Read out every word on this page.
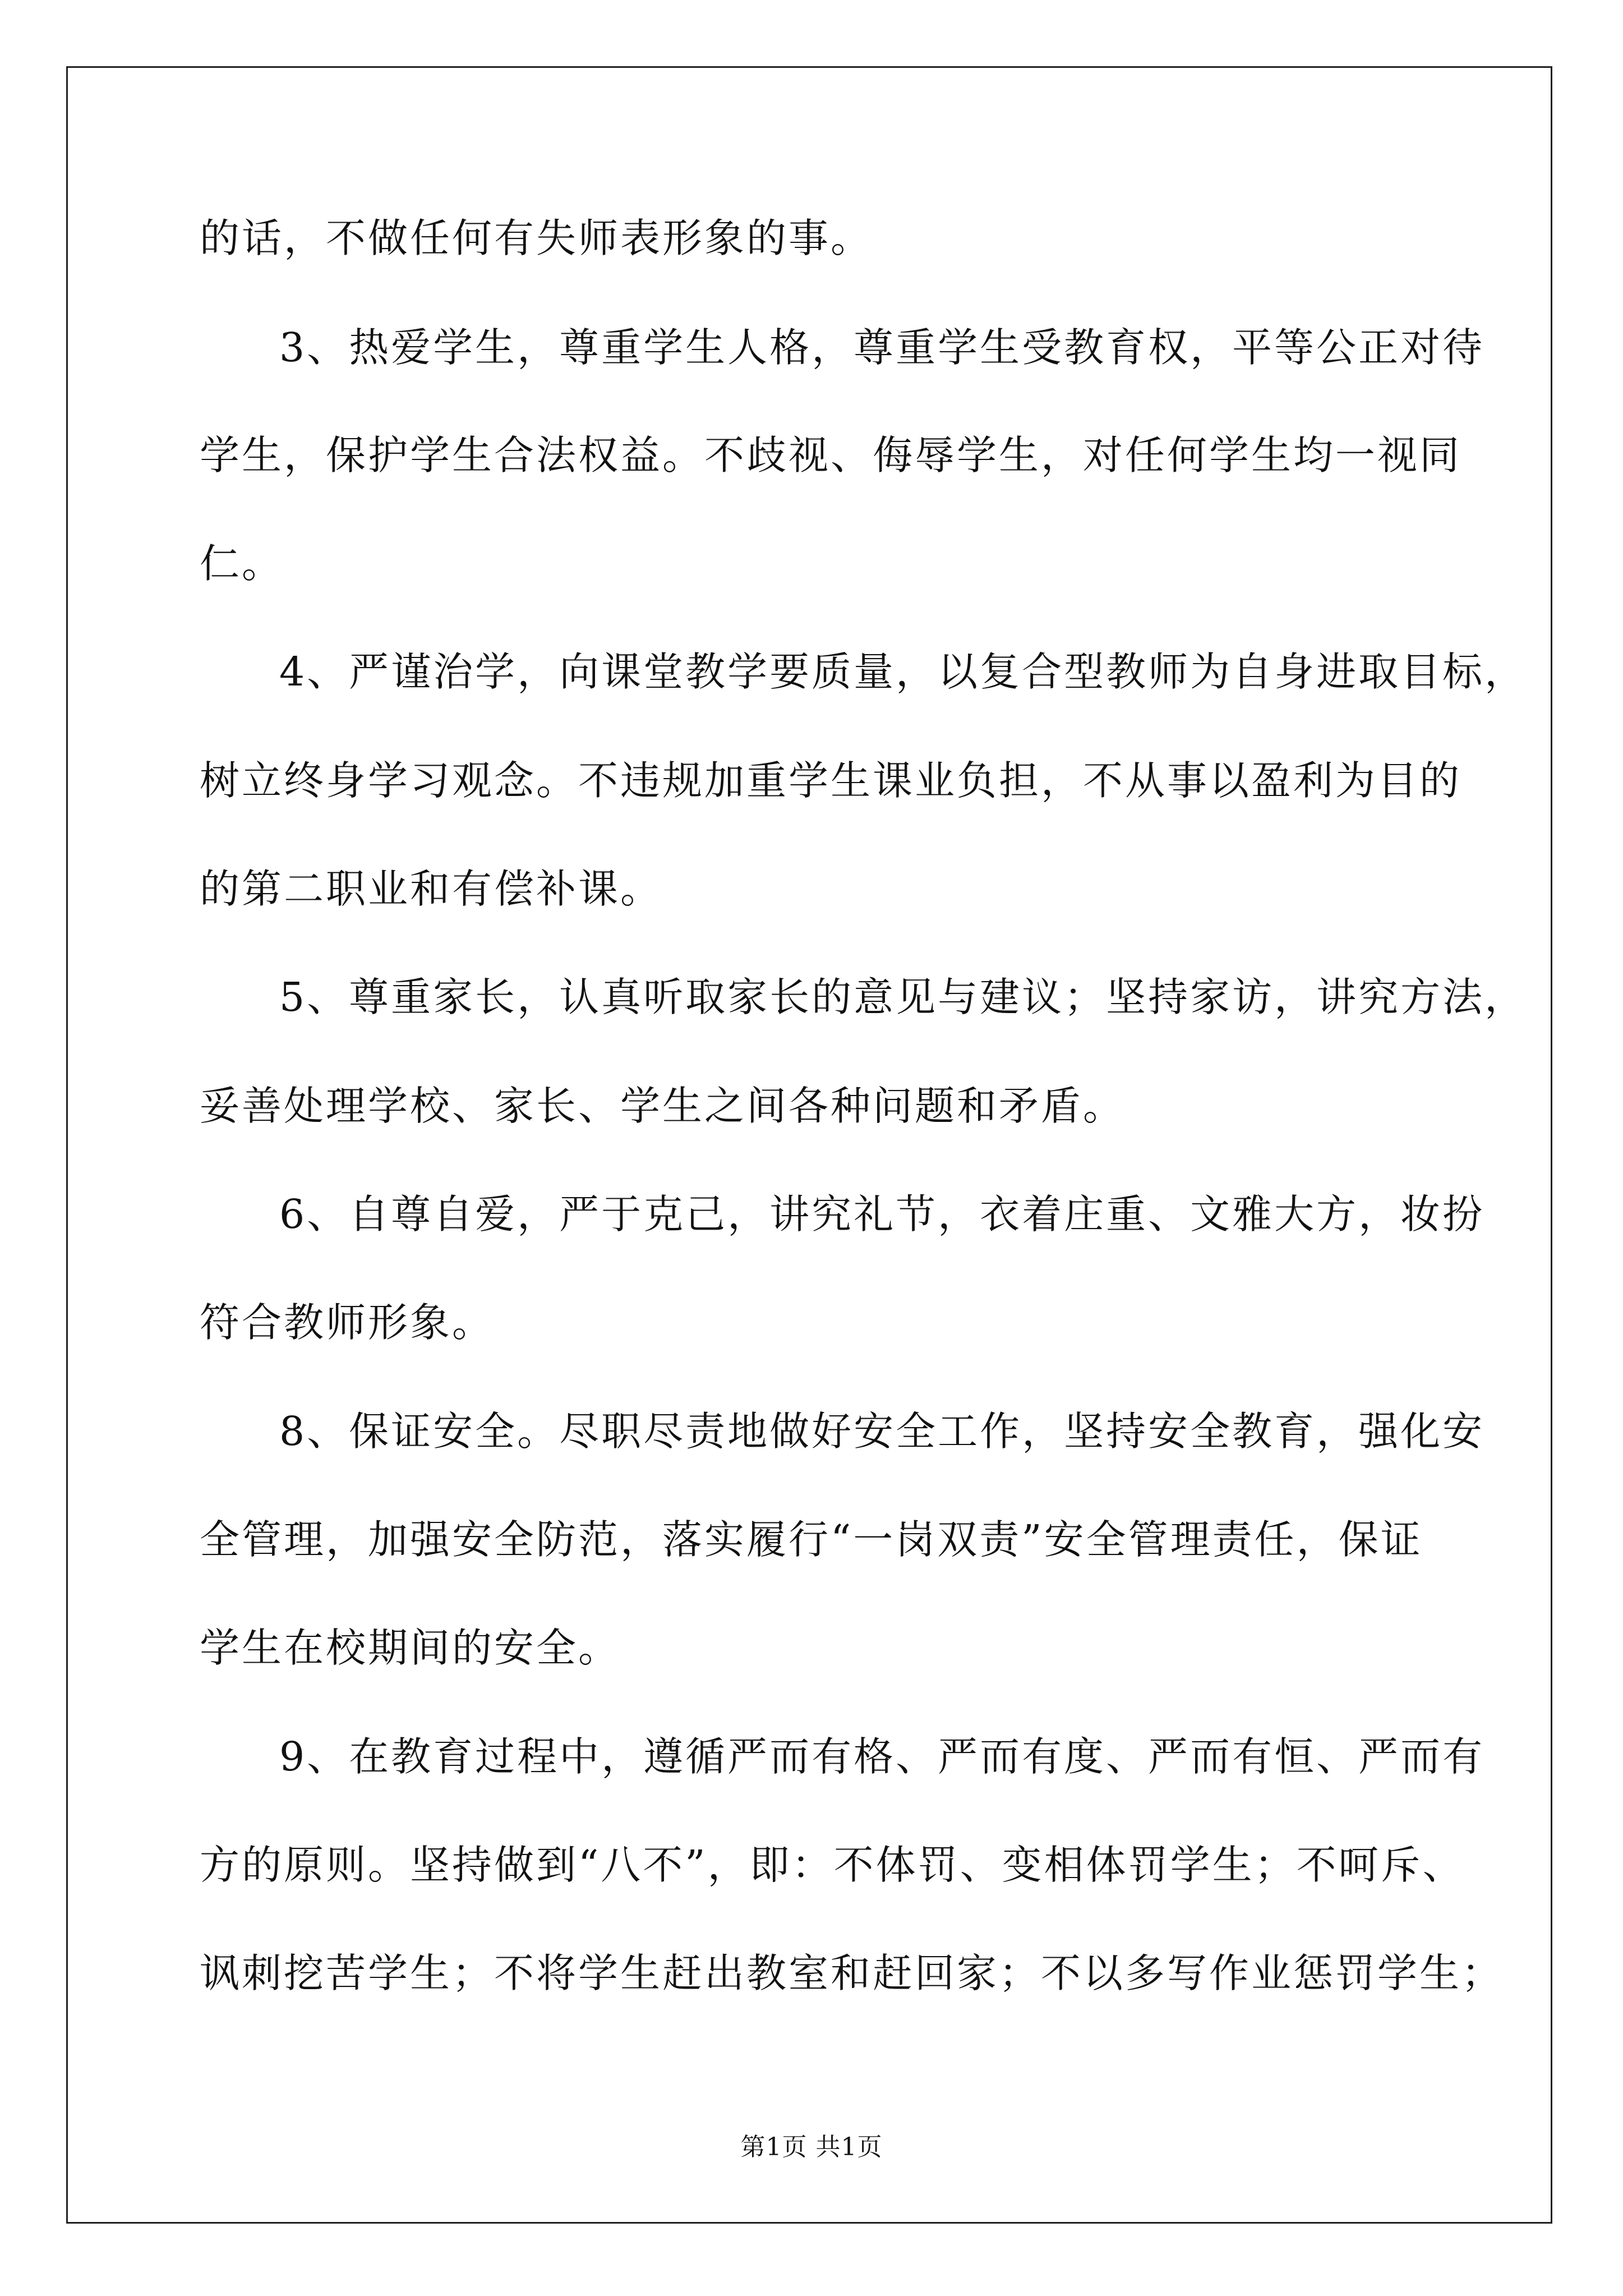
的话，不做任何有失师表形象的事。
3、热爱学生，尊重学生人格，尊重学生受教育权，平等公正对待
学生，保护学生合法权益。不歧视、侮辱学生，对任何学生均一视同
仁。
4、严谨治学，向课堂教学要质量，以复合型教师为自身进取目标，
树立终身学习观念。不违规加重学生课业负担，不从事以盈利为目的
的第二职业和有偿补课。
5、尊重家长，认真听取家长的意见与建议；坚持家访，讲究方法，
妥善处理学校、家长、学生之间各种问题和矛盾。
6、自尊自爱，严于克己，讲究礼节，衣着庄重、文雅大方，妆扮
符合教师形象。
8、保证安全。尽职尽责地做好安全工作，坚持安全教育，强化安
全管理，加强安全防范，落实履行“一岗双责”安全管理责任，保证
学生在校期间的安全。
9、在教育过程中，遵循严而有格、严而有度、严而有恒、严而有
方的原则。坚持做到“八不”，即：不体罚、变相体罚学生；不呵斥、
讽刺挖苦学生；不将学生赶出教室和赶回家；不以多写作业惩罚学生；
第1页 共1页
